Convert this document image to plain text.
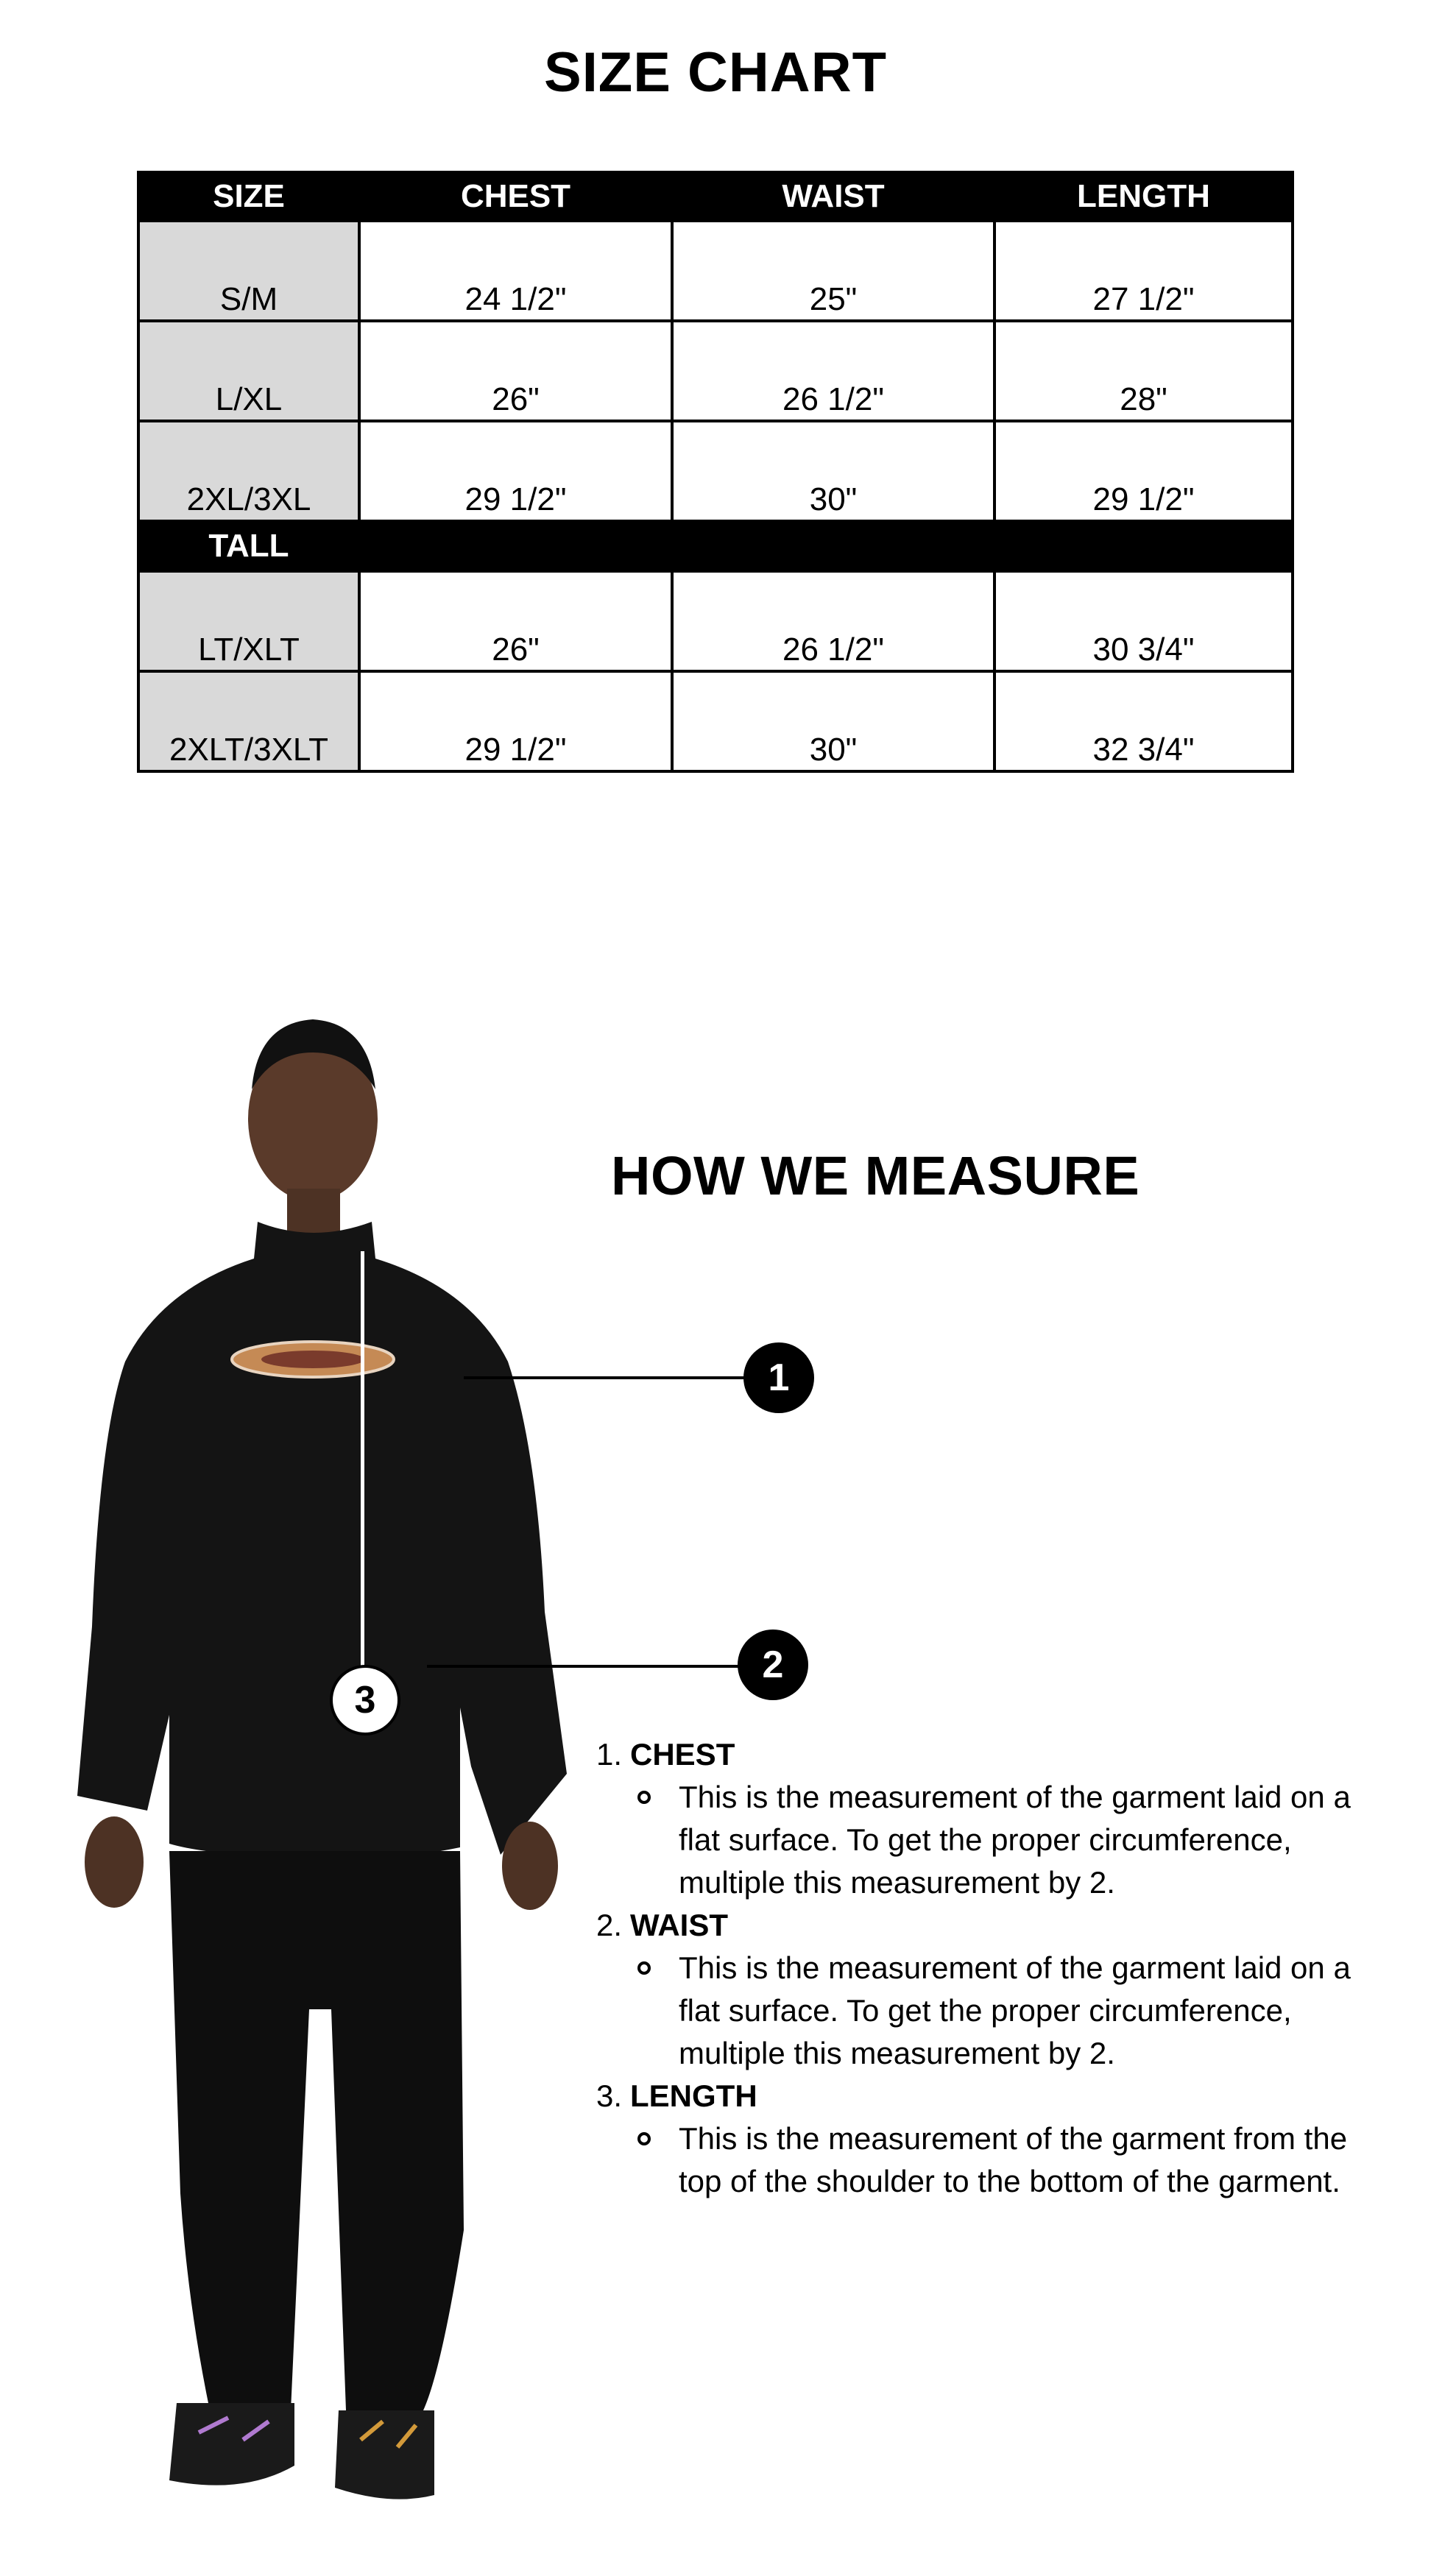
SIZE CHART
SIZE	CHEST	WAIST	LENGTH
S/M	24 1/2"	25"	27 1/2"
L/XL	26"	26 1/2"	28"
2XL/3XL	29 1/2"	30"	29 1/2"
TALL			
LT/XLT	26"	26 1/2"	30 3/4"
2XLT/3XLT	29 1/2"	30"	32 3/4"
1
2
3
HOW WE MEASURE
1. CHEST
This is the measurement of the garment laid on a flat surface. To get the proper circumference, multiple this measurement by 2.
2. WAIST
This is the measurement of the garment laid on a flat surface. To get the proper circumference, multiple this measurement by 2.
3. LENGTH
This is the measurement of the garment from the top of the shoulder to the bottom of the garment.
